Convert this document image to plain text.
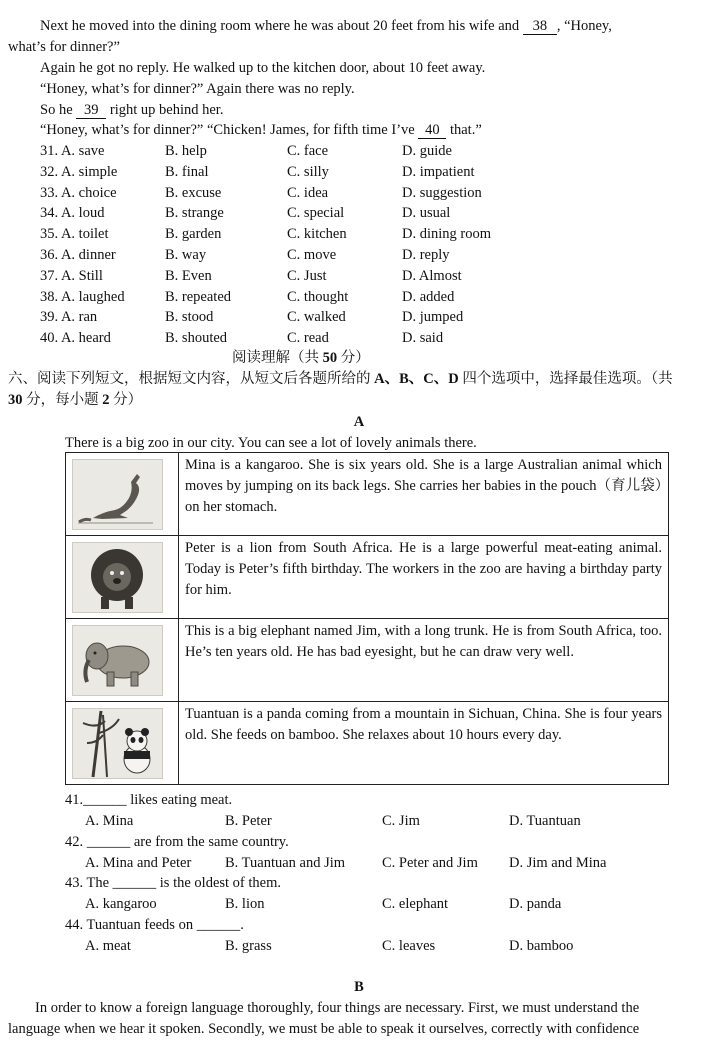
Next he moved into the dining room where he was about 20 feet from his wife and 38 , “Honey,
what’s for dinner?”
Again he got no reply. He walked up to the kitchen door, about 10 feet away.
“Honey, what’s for dinner?” Again there was no reply.
So he 39 right up behind her.
“Honey, what’s for dinner?” “Chicken! James, for fifth time I’ve 40 that.”
31. A. save	B. help	C. face	D. guide
32. A. simple	B. final	C. silly	D. impatient
33. A. choice	B. excuse	C. idea	D. suggestion
34. A. loud	B. strange	C. special	D. usual
35. A. toilet	B. garden	C. kitchen	D. dining room
36. A. dinner	B. way	C. move	D. reply
37. A. Still	B. Even	C. Just	D. Almost
38. A. laughed	B. repeated	C. thought	D. added
39. A. ran	B. stood	C. walked	D. jumped
40. A. heard	B. shouted	C. read	D. said
阅读理解（共 50 分）
六、阅读下列短文，根据短文内容，从短文后各题所给的 A、B、C、D 四个选项中，选择最佳选项。（共
30 分，每小题 2 分）
A
There is a big zoo in our city. You can see a lot of lovely animals there.
	Mina is a kangaroo. She is six years old. She is a large Australian animal which moves by jumping on its back legs. She carries her babies in the pouch（育儿袋）on her stomach.

	Peter is a lion from South Africa. He is a large powerful meat-eating animal. Today is Peter’s fifth birthday. The workers in the zoo are having a birthday party for him.

	This is a big elephant named Jim, with a long trunk. He is from South Africa, too. He’s ten years old. He has bad eyesight, but he can draw very well.

	Tuantuan is a panda coming from a mountain in Sichuan, China. She is four years old. She feeds on bamboo. She relaxes about 10 hours every day.
41.______ likes eating meat.
A. Mina	B. Peter	C. Jim	D. Tuantuan
42. ______ are from the same country.
A. Mina and Peter B. Tuantuan and Jim	C. Peter and Jim D. Jim and Mina
43. The ______ is the oldest of them.
A. kangaroo	B. lion	C. elephant	D. panda
44. Tuantuan feeds on ______.
A. meat	B. grass	C. leaves	D. bamboo
B
In order to know a foreign language thoroughly, four things are necessary. First, we must understand the
language when we hear it spoken. Secondly, we must be able to speak it ourselves, correctly with confidence
